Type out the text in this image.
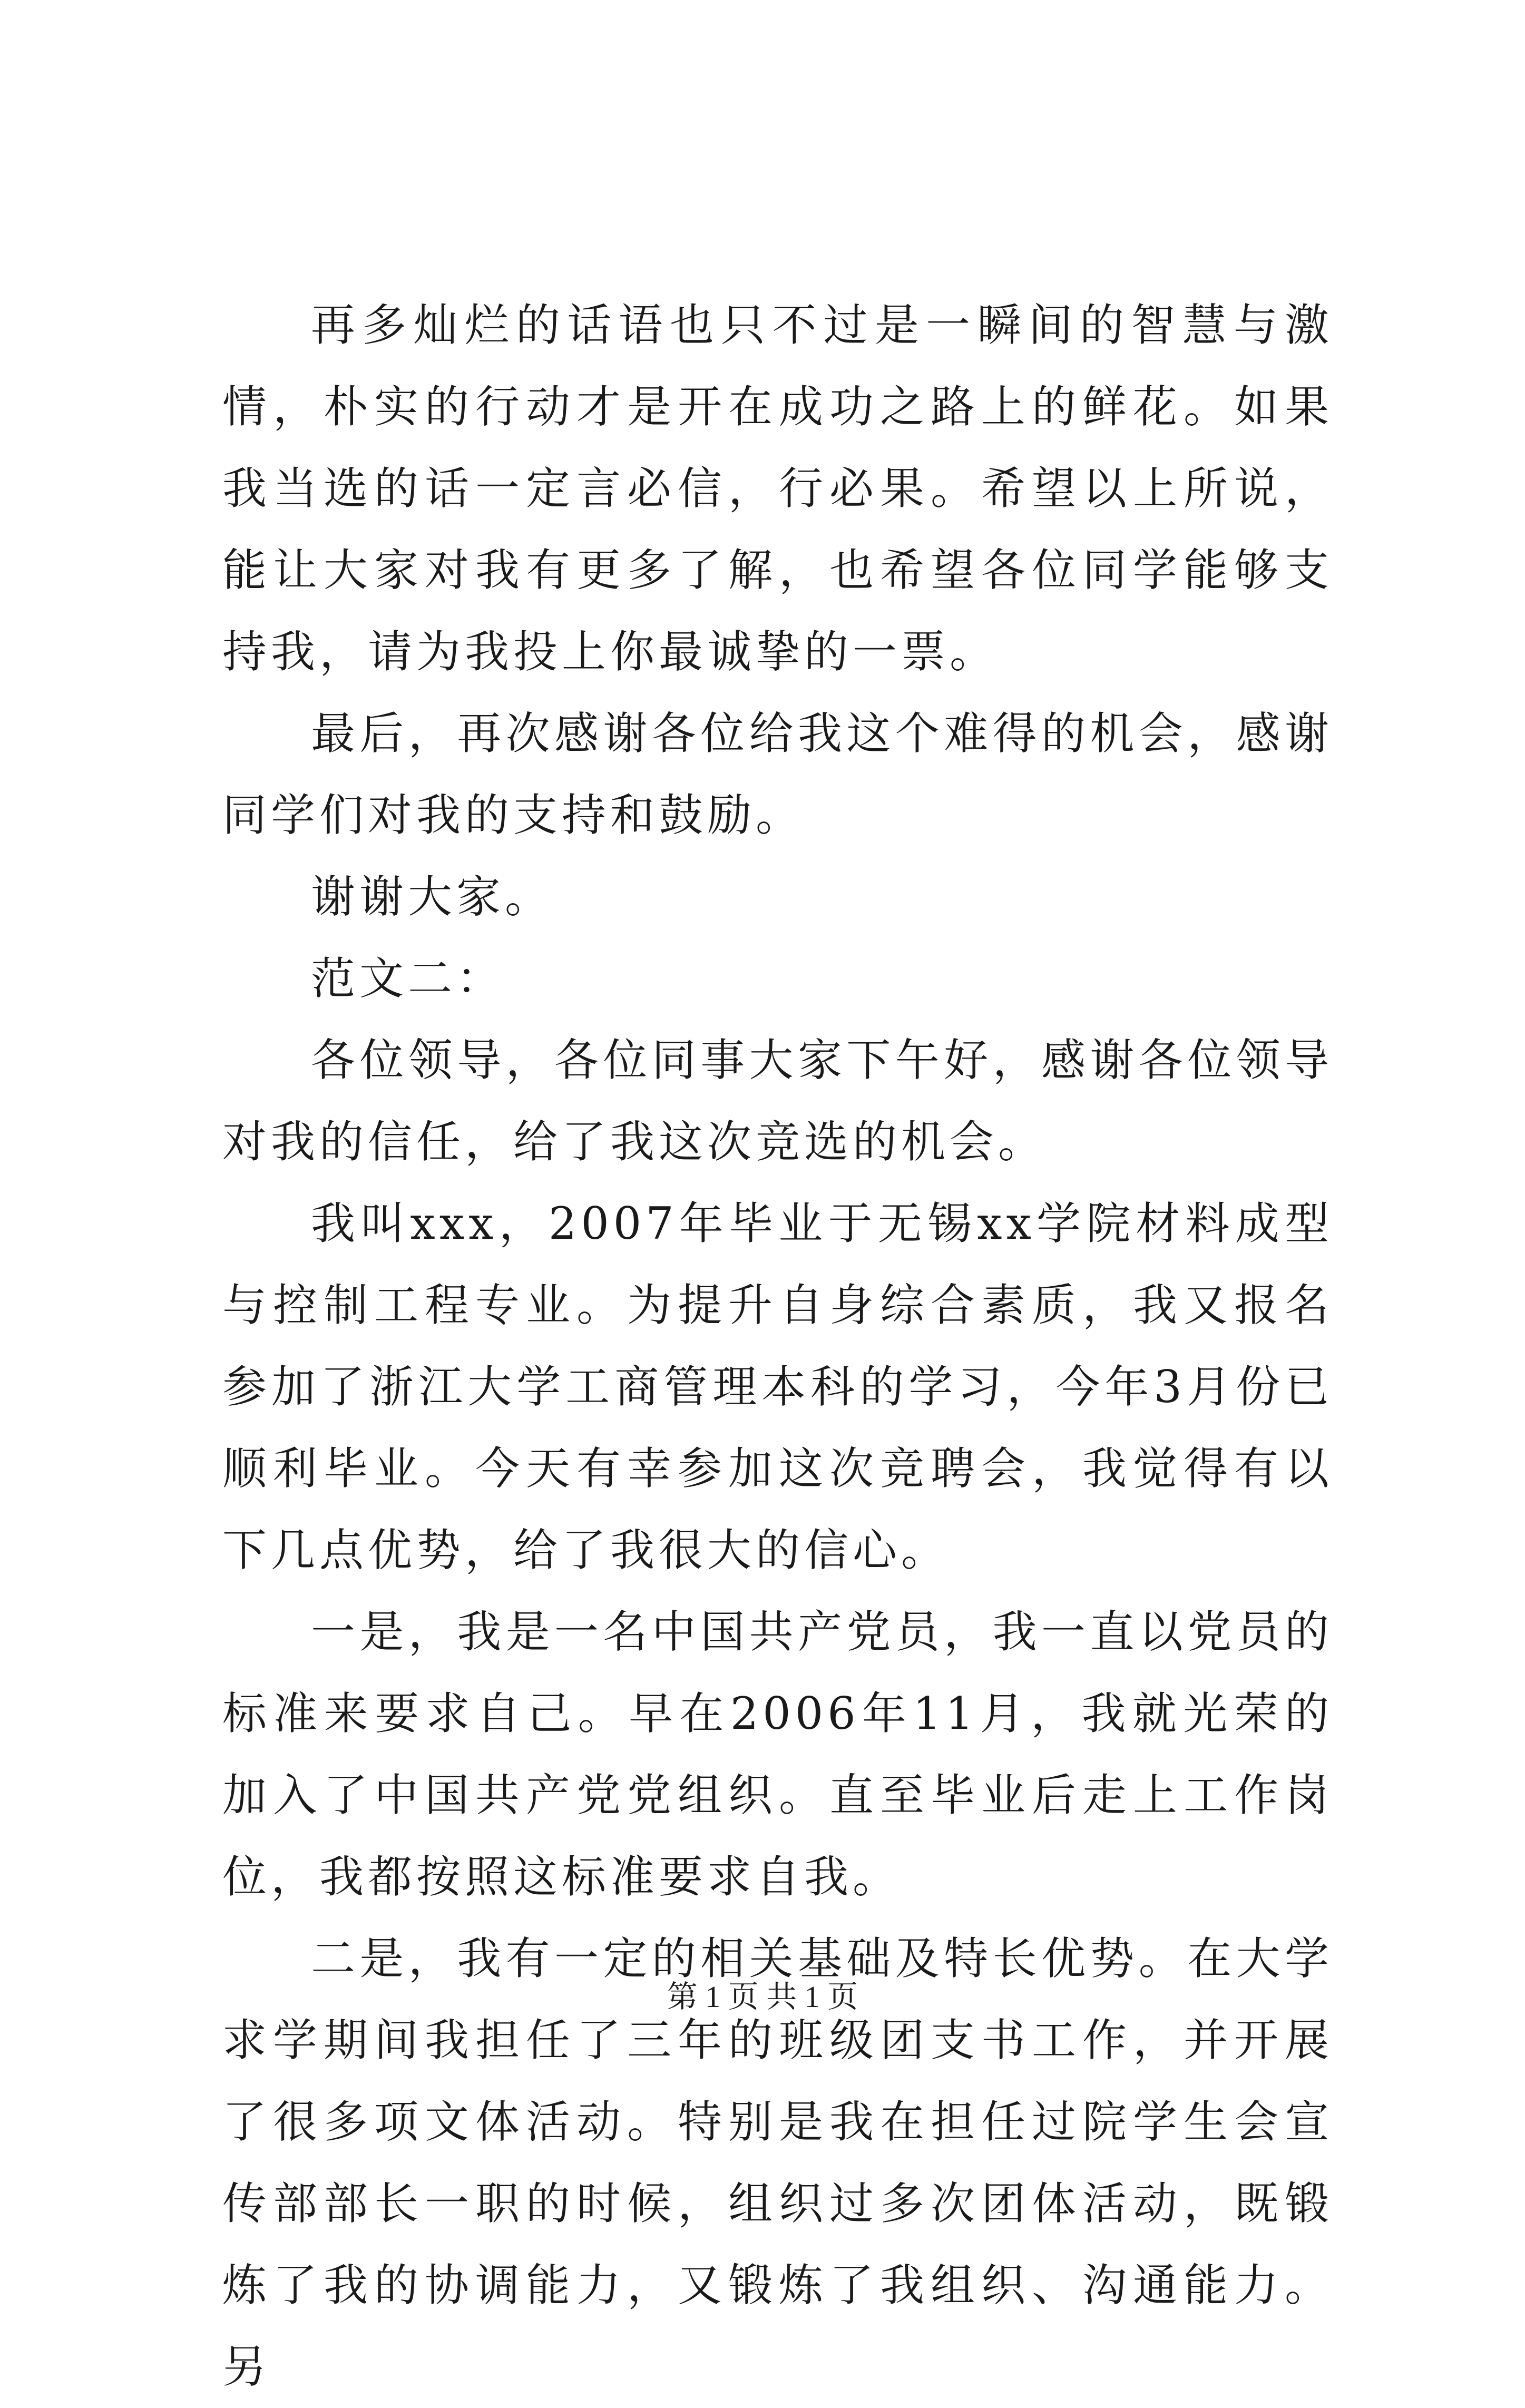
再多灿烂的话语也只不过是一瞬间的智慧与激情，朴实的行动才是开在成功之路上的鲜花。如果我当选的话一定言必信，行必果。希望以上所说，能让大家对我有更多了解，也希望各位同学能够支持我，请为我投上你最诚挚的一票。

最后，再次感谢各位给我这个难得的机会，感谢同学们对我的支持和鼓励。

谢谢大家。

范文二：

各位领导，各位同事大家下午好，感谢各位领导对我的信任，给了我这次竞选的机会。

我叫xxx，2007年毕业于无锡xx学院材料成型与控制工程专业。为提升自身综合素质，我又报名参加了浙江大学工商管理本科的学习，今年3月份已顺利毕业。今天有幸参加这次竞聘会，我觉得有以下几点优势，给了我很大的信心。

一是，我是一名中国共产党员，我一直以党员的标准来要求自己。早在2006年11月，我就光荣的加入了中国共产党党组织。直至毕业后走上工作岗位，我都按照这标准要求自我。

二是，我有一定的相关基础及特长优势。在大学求学期间我担任了三年的班级团支书工作，并开展了很多项文体活动。特别是我在担任过院学生会宣传部部长一职的时候，组织过多次团体活动，既锻炼了我的协调能力，又锻炼了我组织、沟通能力。另

第 1 页 共 1 页
